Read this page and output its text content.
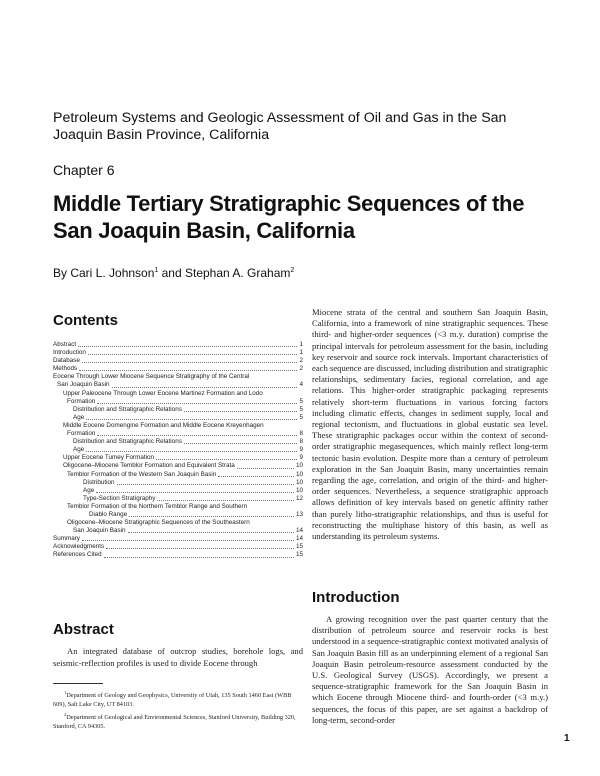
Petroleum Systems and Geologic Assessment of Oil and Gas in the San Joaquin Basin Province, California
Chapter 6
Middle Tertiary Stratigraphic Sequences of the San Joaquin Basin, California
By Cari L. Johnson$^1$ and Stephan A. Graham$^2$
Contents
Abstract	1
Introduction	1
Database	2
Methods	2
Eocene Through Lower Miocene Sequence Stratigraphy of the Central
San Joaquin Basin	4
Upper Paleocene Through Lower Eocene Martinez Formation and Lodo
Formation	5
Distribution and Stratigraphic Relations	5
Age	5
Middle Eocene Domengine Formation and Middle Eocene Kreyenhagen
Formation	8
Distribution and Stratigraphic Relations	8
Age	9
Upper Eocene Tumey Formation	9
Oligocene–Miocene Temblor Formation and Equivalent Strata	10
Temblor Formation of the Western San Joaquin Basin	10
Distribution	10
Age	10
Type-Section Stratigraphy	12
Temblor Formation of the Northern Temblor Range and Southern
Diablo Range	13
Oligocene–Miocene Stratigraphic Sequences of the Southeastern
San Joaquin Basin	14
Summary	14
Acknowledgments	15
References Cited	15
Abstract
An integrated database of outcrop studies, borehole logs, and seismic-reflection profiles is used to divide Eocene through

$^1$Department of Geology and Geophysics, University of Utah, 135 South 1460 East (WBB 609), Salt Lake City, UT 84103.

$^2$Department of Geological and Environmental Sciences, Stanford University, Building 320, Stanford, CA 94305.

Miocene strata of the central and southern San Joaquin Basin, California, into a framework of nine stratigraphic sequences. These third- and higher-order sequences (<3 m.y. duration) comprise the principal intervals for petroleum assessment for the basin, including key reservoir and source rock intervals. Important characteristics of each sequence are discussed, including distribution and stratigraphic relationships, sedimentary facies, regional correlation, and age relations. This higher-order stratigraphic packaging represents relatively short-term fluctuations in various forcing factors including climatic effects, changes in sediment supply, local and regional tectonism, and fluctuations in global eustatic sea level. These stratigraphic packages occur within the context of second-order stratigraphic megasequences, which mainly reflect long-term tectonic basin evolution. Despite more than a century of petroleum exploration in the San Joaquin Basin, many uncertainties remain regarding the age, correlation, and origin of the third- and higher-order sequences. Nevertheless, a sequence stratigraphic approach allows definition of key intervals based on genetic affinity rather than purely litho-stratigraphic relationships, and thus is useful for reconstructing the multiphase history of this basin, as well as understanding its petroleum systems.
Introduction
A growing recognition over the past quarter century that the distribution of petroleum source and reservoir rocks is best understood in a sequence-stratigraphic context motivated analysis of San Joaquin Basin fill as an underpinning element of a regional San Joaquin Basin petroleum-resource assessment conducted by the U.S. Geological Survey (USGS). Accordingly, we present a sequence-stratigraphic framework for the San Joaquin Basin in which Eocene through Miocene third- and fourth-order (<3 m.y.) sequences, the focus of this paper, are set against a backdrop of long-term, second-order
1
